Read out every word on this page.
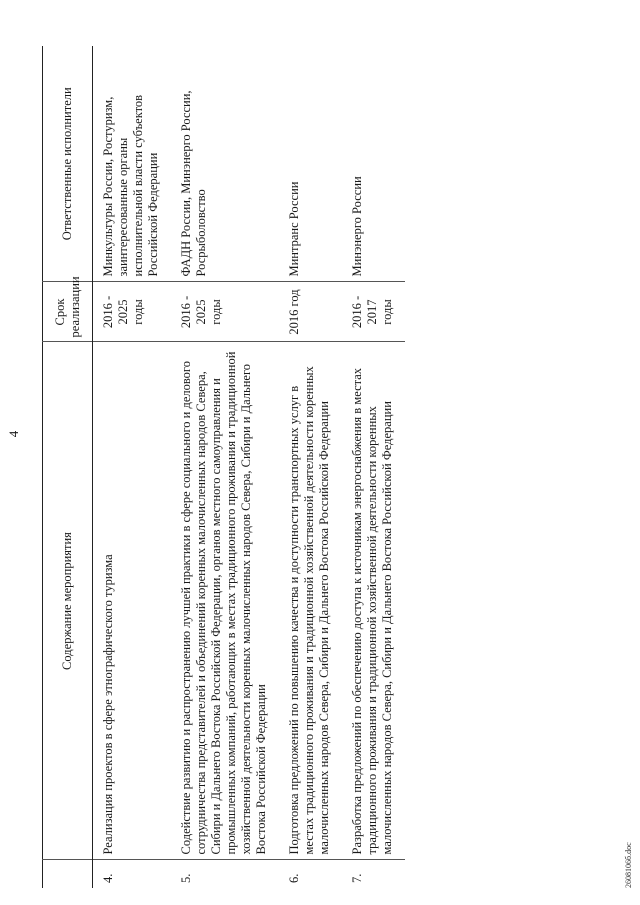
4
	Содержание мероприятия	Срок реализации	Ответственные исполнители
4.	Реализация проектов в сфере этнографического туризма	2016 - 2025 годы	Минкультуры России, Ростуризм, заинтересованные органы исполнительной власти субъектов Российской Федерации
5.	Содействие развитию и распространению лучшей практики в сфере социального и делового сотрудничества представителей и объединений коренных малочисленных народов Севера, Сибири и Дальнего Востока Российской Федерации, органов местного самоуправления и промышленных компаний, работающих в местах традиционного проживания и традиционной хозяйственной деятельности коренных малочисленных народов Севера, Сибири и Дальнего Востока Российской Федерации	2016 - 2025 годы	ФАДН России, Минэнерго России, Росрыболовство
6.	Подготовка предложений по повышению качества и доступности транспортных услуг в местах традиционного проживания и традиционной хозяйственной деятельности коренных малочисленных народов Севера, Сибири и Дальнего Востока Российской Федерации	2016 год	Минтранс России
7.	Разработка предложений по обеспечению доступа к источникам энергоснабжения в местах традиционного проживания и традиционной хозяйственной деятельности коренных малочисленных народов Севера, Сибири и Дальнего Востока Российской Федерации	2016 - 2017 годы	Минэнерго России
2608106б.doc
